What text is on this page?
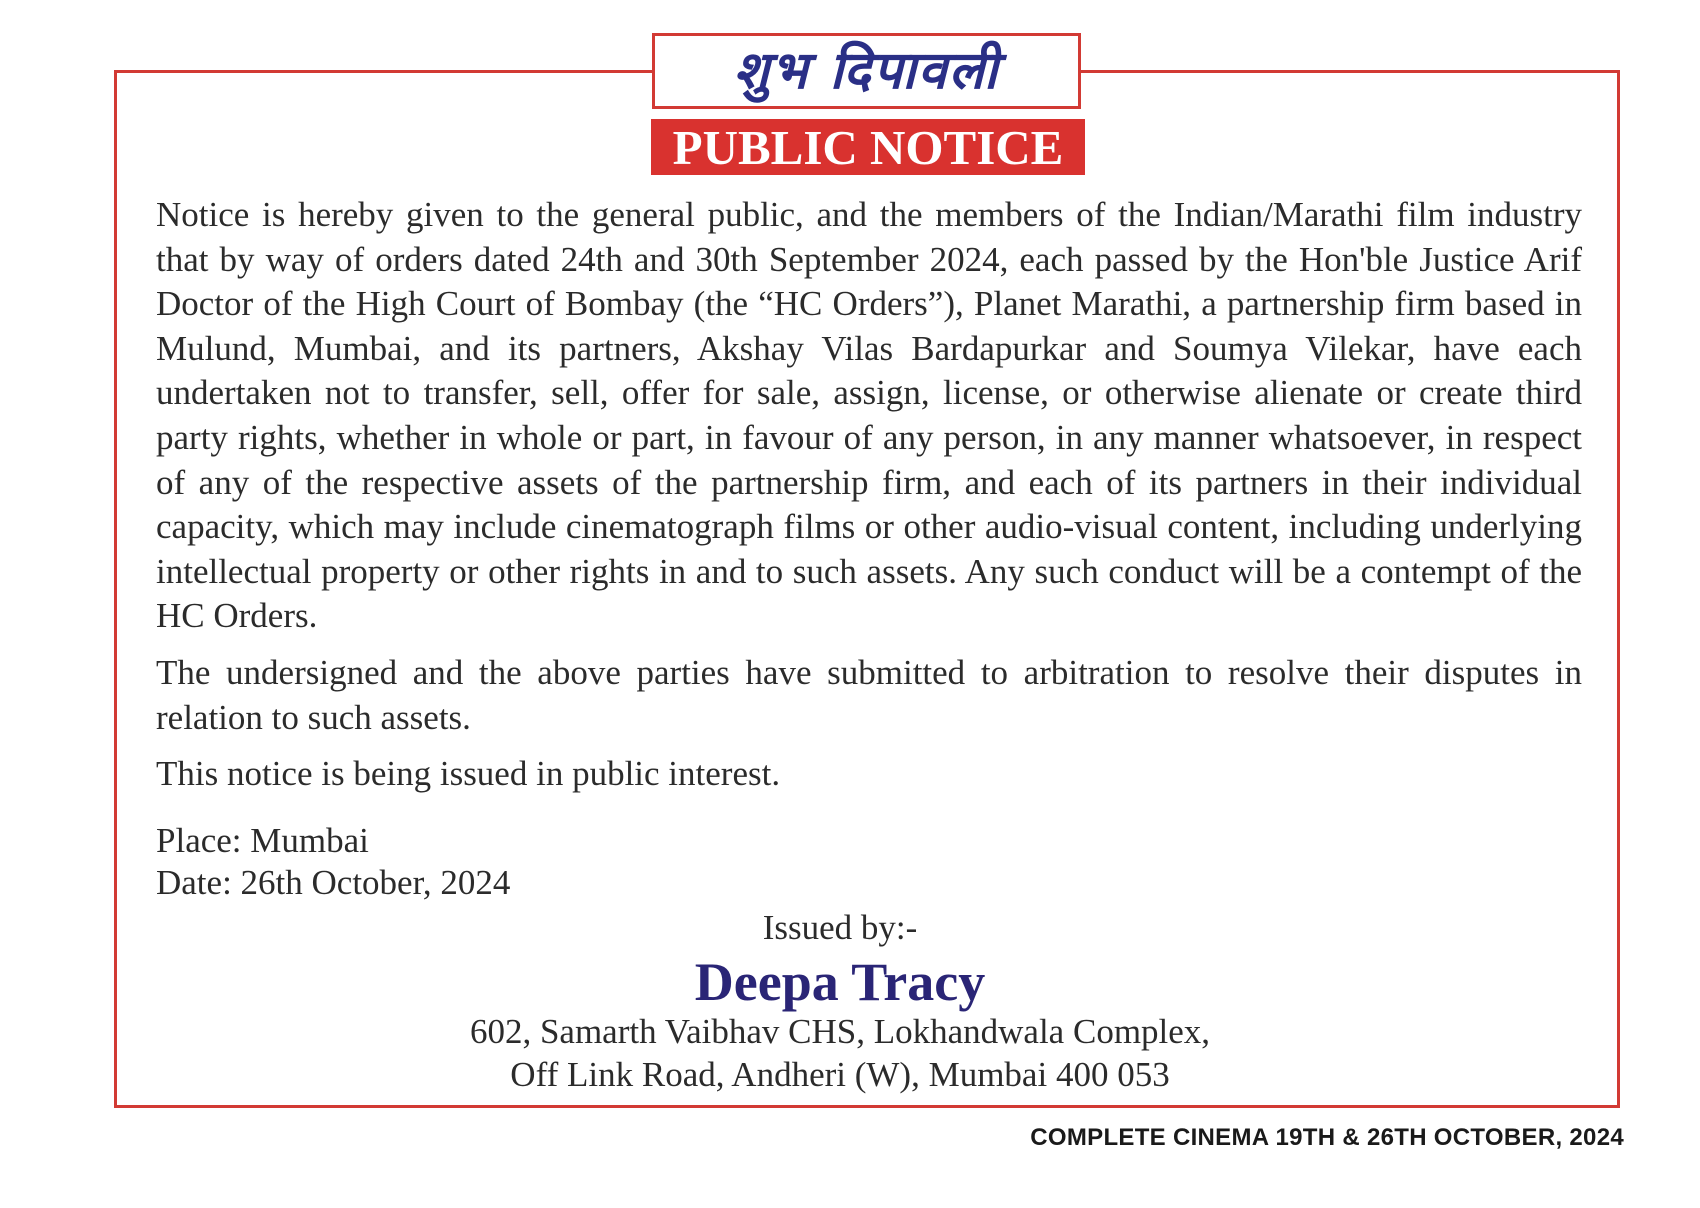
शुभ दिपावली
PUBLIC NOTICE

Notice is hereby given to the general public, and the members of the Indian/Marathi film industry that by way of orders dated 24th and 30th September 2024, each passed by the Hon'ble Justice Arif Doctor of the High Court of Bombay (the “HC Orders”), Planet Marathi, a partnership firm based in Mulund, Mumbai, and its partners, Akshay Vilas Bardapurkar and Soumya Vilekar, have each undertaken not to transfer, sell, offer for sale, assign, license, or otherwise alienate or create third party rights, whether in whole or part, in favour of any person, in any manner whatsoever, in respect of any of the respective assets of the partnership firm, and each of its partners in their individual capacity, which may include cinematograph films or other audio-visual content, including underlying intellectual property or other rights in and to such assets. Any such conduct will be a contempt of the HC Orders.

The undersigned and the above parties have submitted to arbitration to resolve their disputes in relation to such assets.

This notice is being issued in public interest.

Place: Mumbai
Date: 26th October, 2024
Issued by:-
Deepa Tracy
602, Samarth Vaibhav CHS, Lokhandwala Complex,
Off Link Road, Andheri (W), Mumbai 400 053
COMPLETE CINEMA 19TH & 26TH OCTOBER, 2024
